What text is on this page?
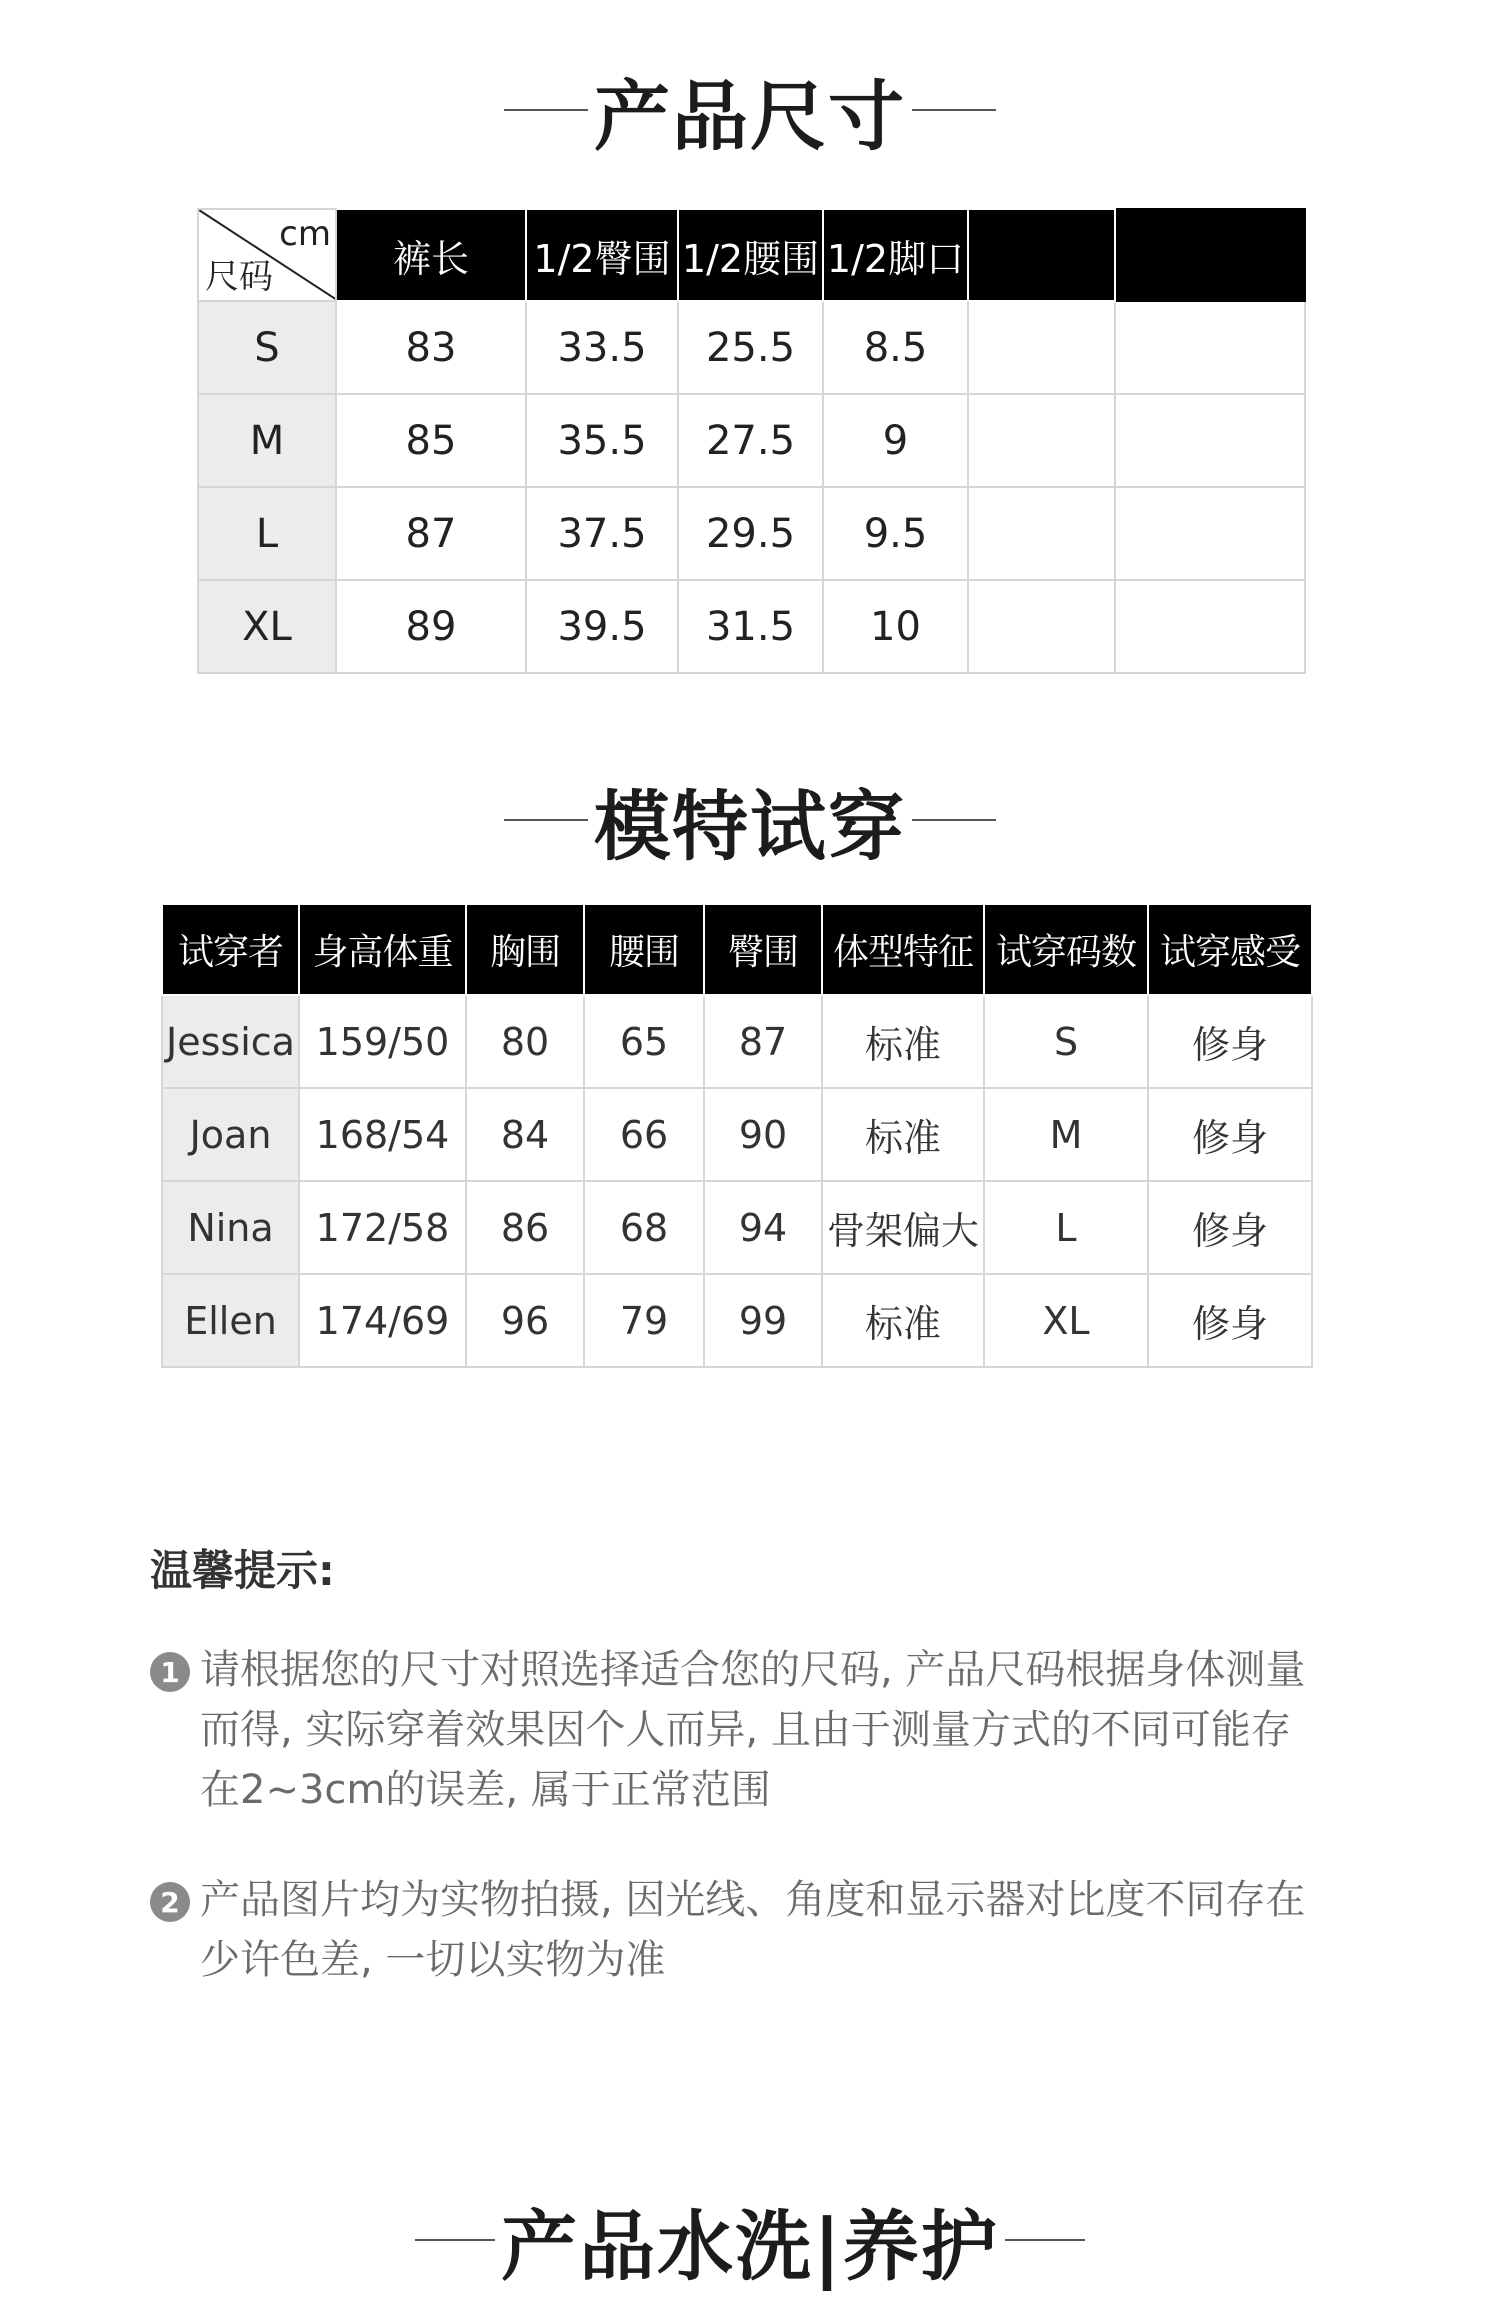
产品尺寸
cm
尺码	裤长	1/2臀围	1/2腰围	1/2脚口		
S	83	33.5	25.5	8.5		
M	85	35.5	27.5	9		
L	87	37.5	29.5	9.5		
XL	89	39.5	31.5	10		
模特试穿
试穿者	身高体重	胸围	腰围	臀围	体型特征	试穿码数	试穿感受
Jessica	159/50	80	65	87	标准	S	修身
Joan	168/54	84	66	90	标准	M	修身
Nina	172/58	86	68	94	骨架偏大	L	修身
Ellen	174/69	96	79	99	标准	XL	修身
温馨提示:
1 请根据您的尺寸对照选择适合您的尺码, 产品尺码根据身体测量而得, 实际穿着效果因个人而异, 且由于测量方式的不同可能存在2~3cm的误差, 属于正常范围
2 产品图片均为实物拍摄, 因光线、角度和显示器对比度不同存在少许色差, 一切以实物为准
产品水洗|养护
